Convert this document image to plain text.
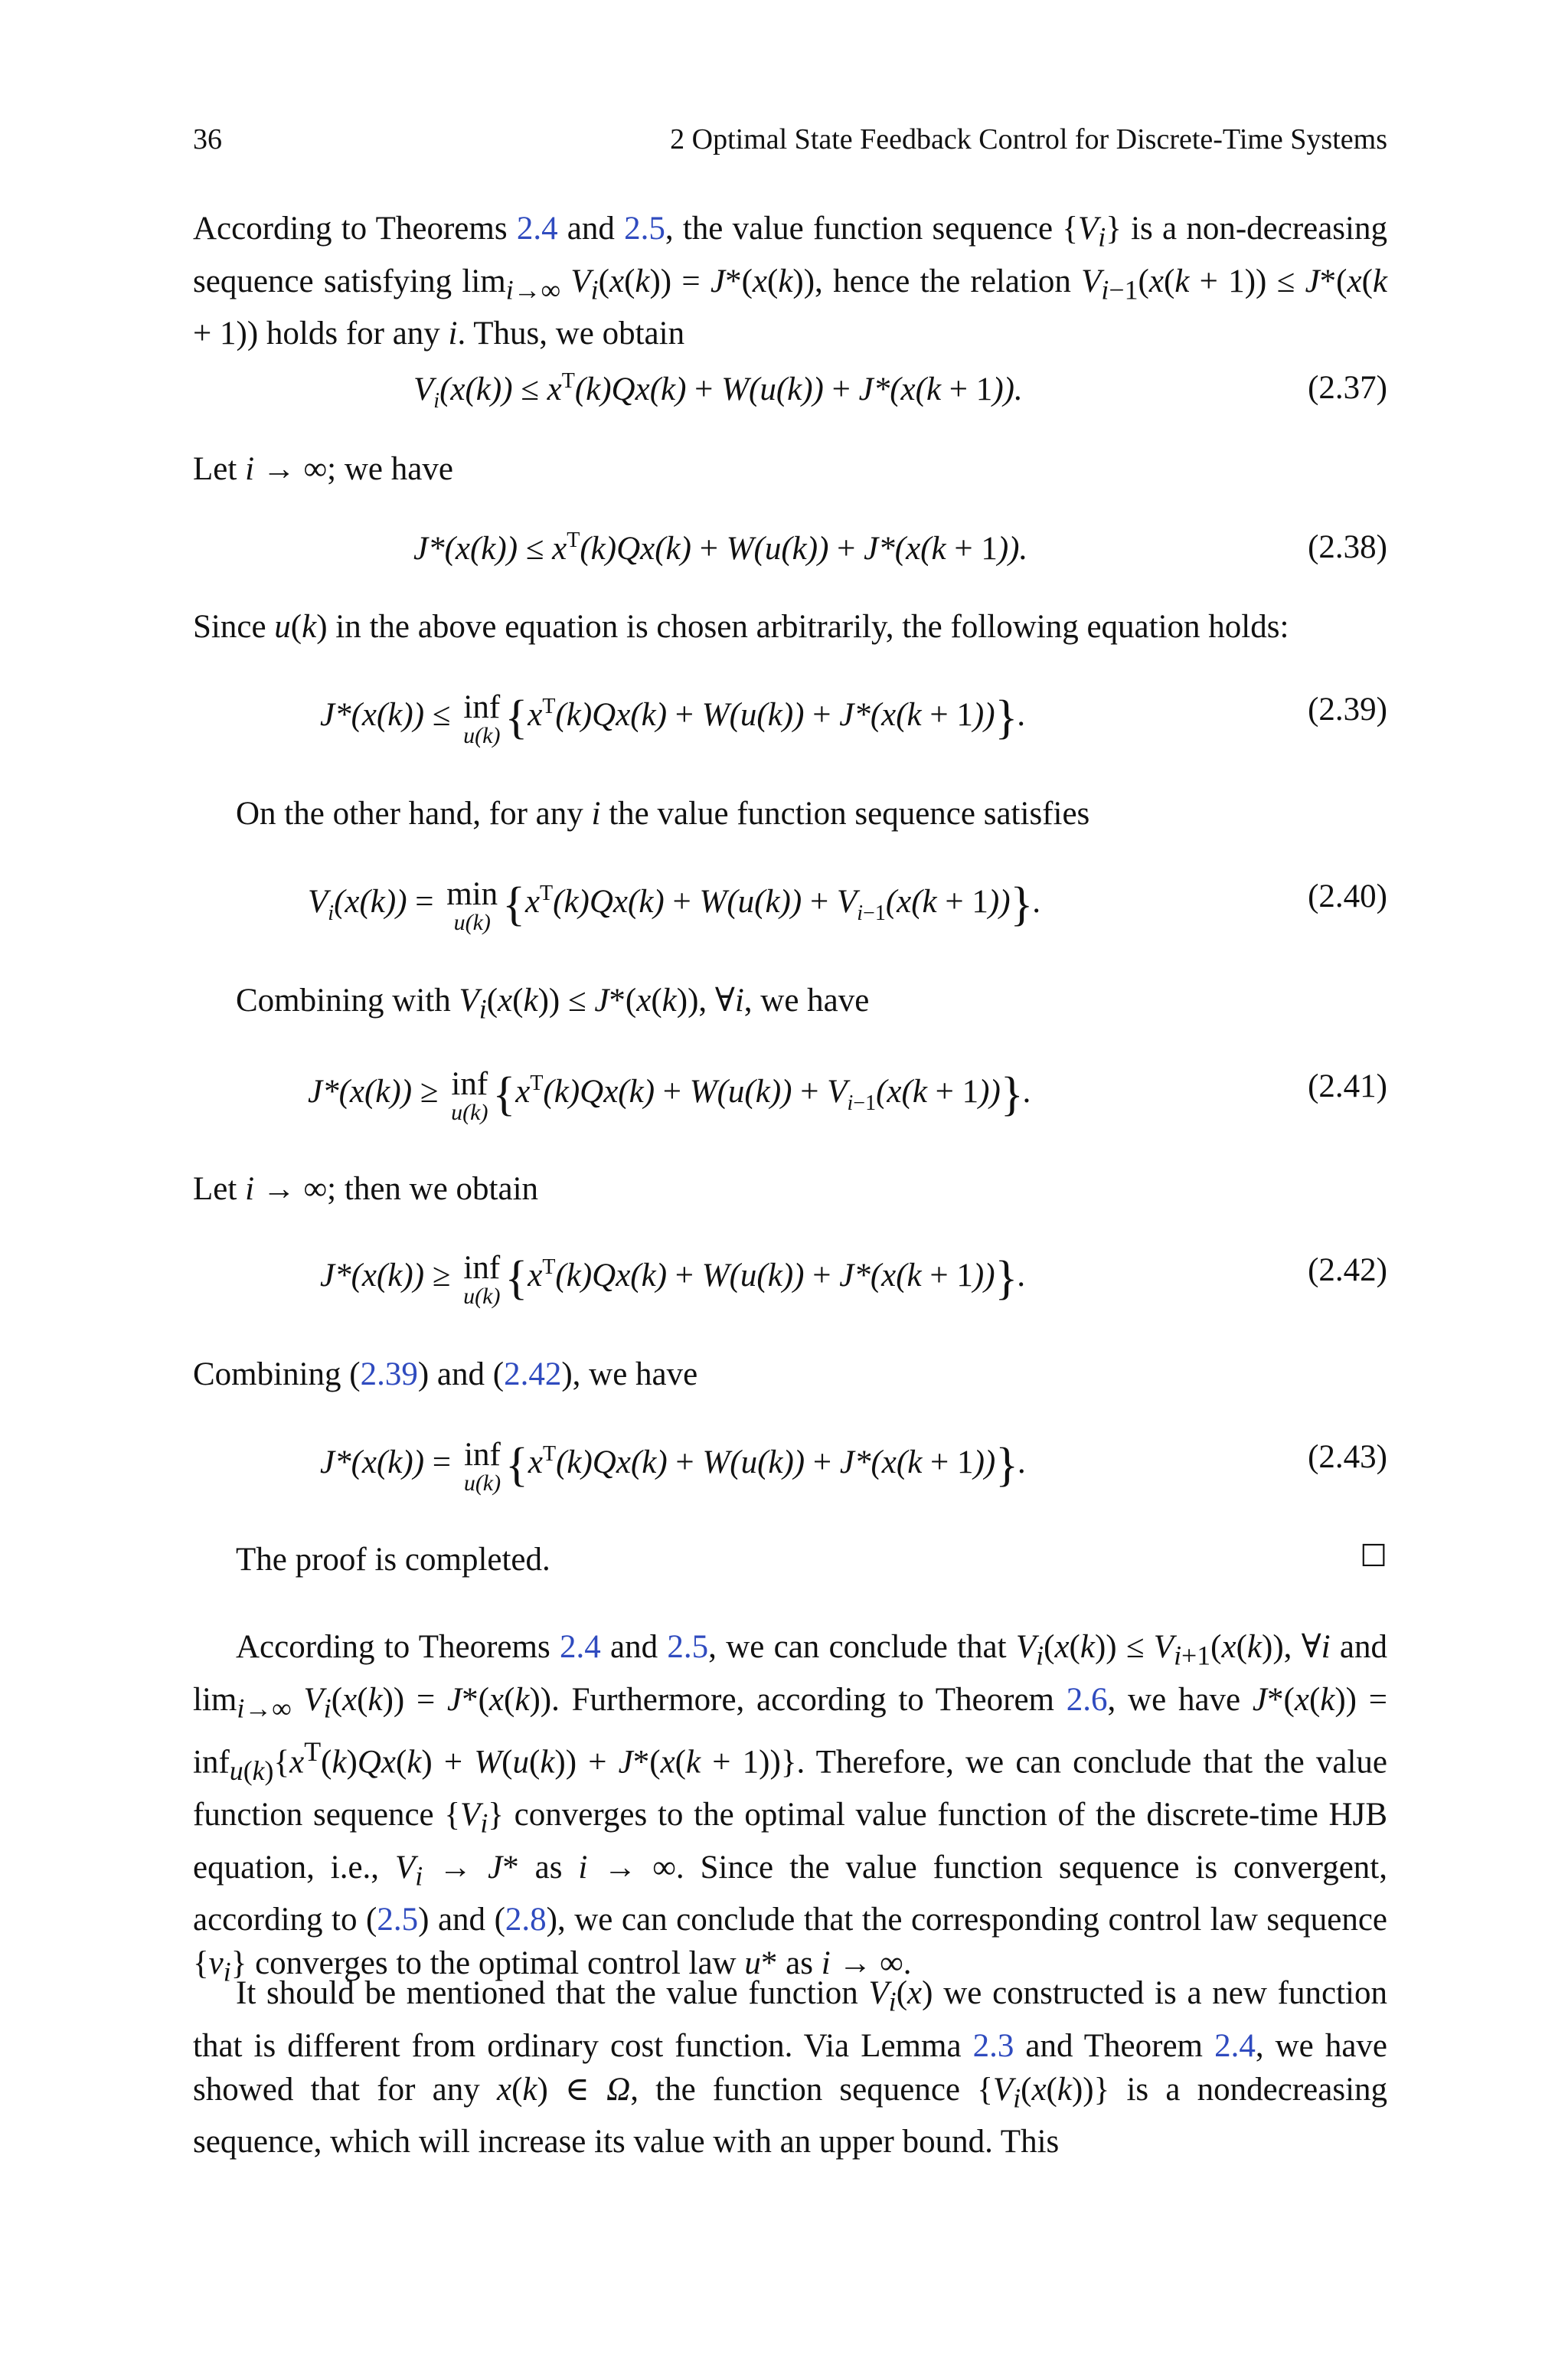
36	2 Optimal State Feedback Control for Discrete-Time Systems

According to Theorems 2.4 and 2.5, the value function sequence $\{V_i\}$ is a non-decreasing sequence satisfying $\lim_{i\to\infty} V_i(x(k)) = J*(x(k))$, hence the relation $V_{i-1}(x(k + 1)) \le J*(x(k + 1))$ holds for any i. Thus, we obtain

$V_i(x(k)) \le x^T(k)Qx(k) + W(u(k)) + J*(x(k + 1))$.	(2.37)

Let i → ∞; we have

$J*(x(k)) \le x^T(k)Qx(k) + W(u(k)) + J*(x(k + 1))$.	(2.38)

Since u(k) in the above equation is chosen arbitrarily, the following equation holds:

J*(x(k)) ≤ inf
u(k) $\{x^T(k)Qx(k) + W(u(k)) + J*(x(k + 1))\}$.	(2.39)

On the other hand, for any i the value function sequence satisfies

$V_i(x(k)) = \min$
u(k) $\{x^T(k)Qx(k) + W(u(k)) + V_{i-1}(x(k + 1))\}$.	(2.40)

Combining with $V_i(x(k)) \le J*(x(k))$, ∀i, we have

J*(x(k)) ≥ inf
u(k) $\{x^T(k)Qx(k) + W(u(k)) + V_{i-1}(x(k + 1))\}$.	(2.41)

Let i → ∞; then we obtain

J*(x(k)) ≥ inf
u(k) $\{x^T(k)Qx(k) + W(u(k)) + J*(x(k + 1))\}$.	(2.42)

Combining (2.39) and (2.42), we have

J*(x(k)) = inf
u(k) $\{x^T(k)Qx(k) + W(u(k)) + J*(x(k + 1))\}$.	(2.43)

The proof is completed.	☐

According to Theorems 2.4 and 2.5, we can conclude that $V_i(x(k)) \le V_{i+1}(x(k))$, ∀i and $\lim_{i\to\infty} V_i(x(k)) = J*(x(k))$. Furthermore, according to Theorem 2.6, we have $J*(x(k)) = inf_{u(k)}\{x^T(k)Qx(k) + W(u(k)) + J*(x(k + 1))\}$. Therefore, we can conclude that the value function sequence $\{V_i\}$ converges to the optimal value function of the discrete-time HJB equation, i.e., $V_i \to J*$ as i → ∞. Since the value function sequence is convergent, according to (2.5) and (2.8), we can conclude that the corresponding control law sequence $\{v_i\}$ converges to the optimal control law u* as i → ∞.

It should be mentioned that the value function $V_i(x)$ we constructed is a new function that is different from ordinary cost function. Via Lemma 2.3 and Theorem 2.4, we have showed that for any x(k) ∈ Ω, the function sequence $\{V_i(x(k))\}$ is a nondecreasing sequence, which will increase its value with an upper bound. This
